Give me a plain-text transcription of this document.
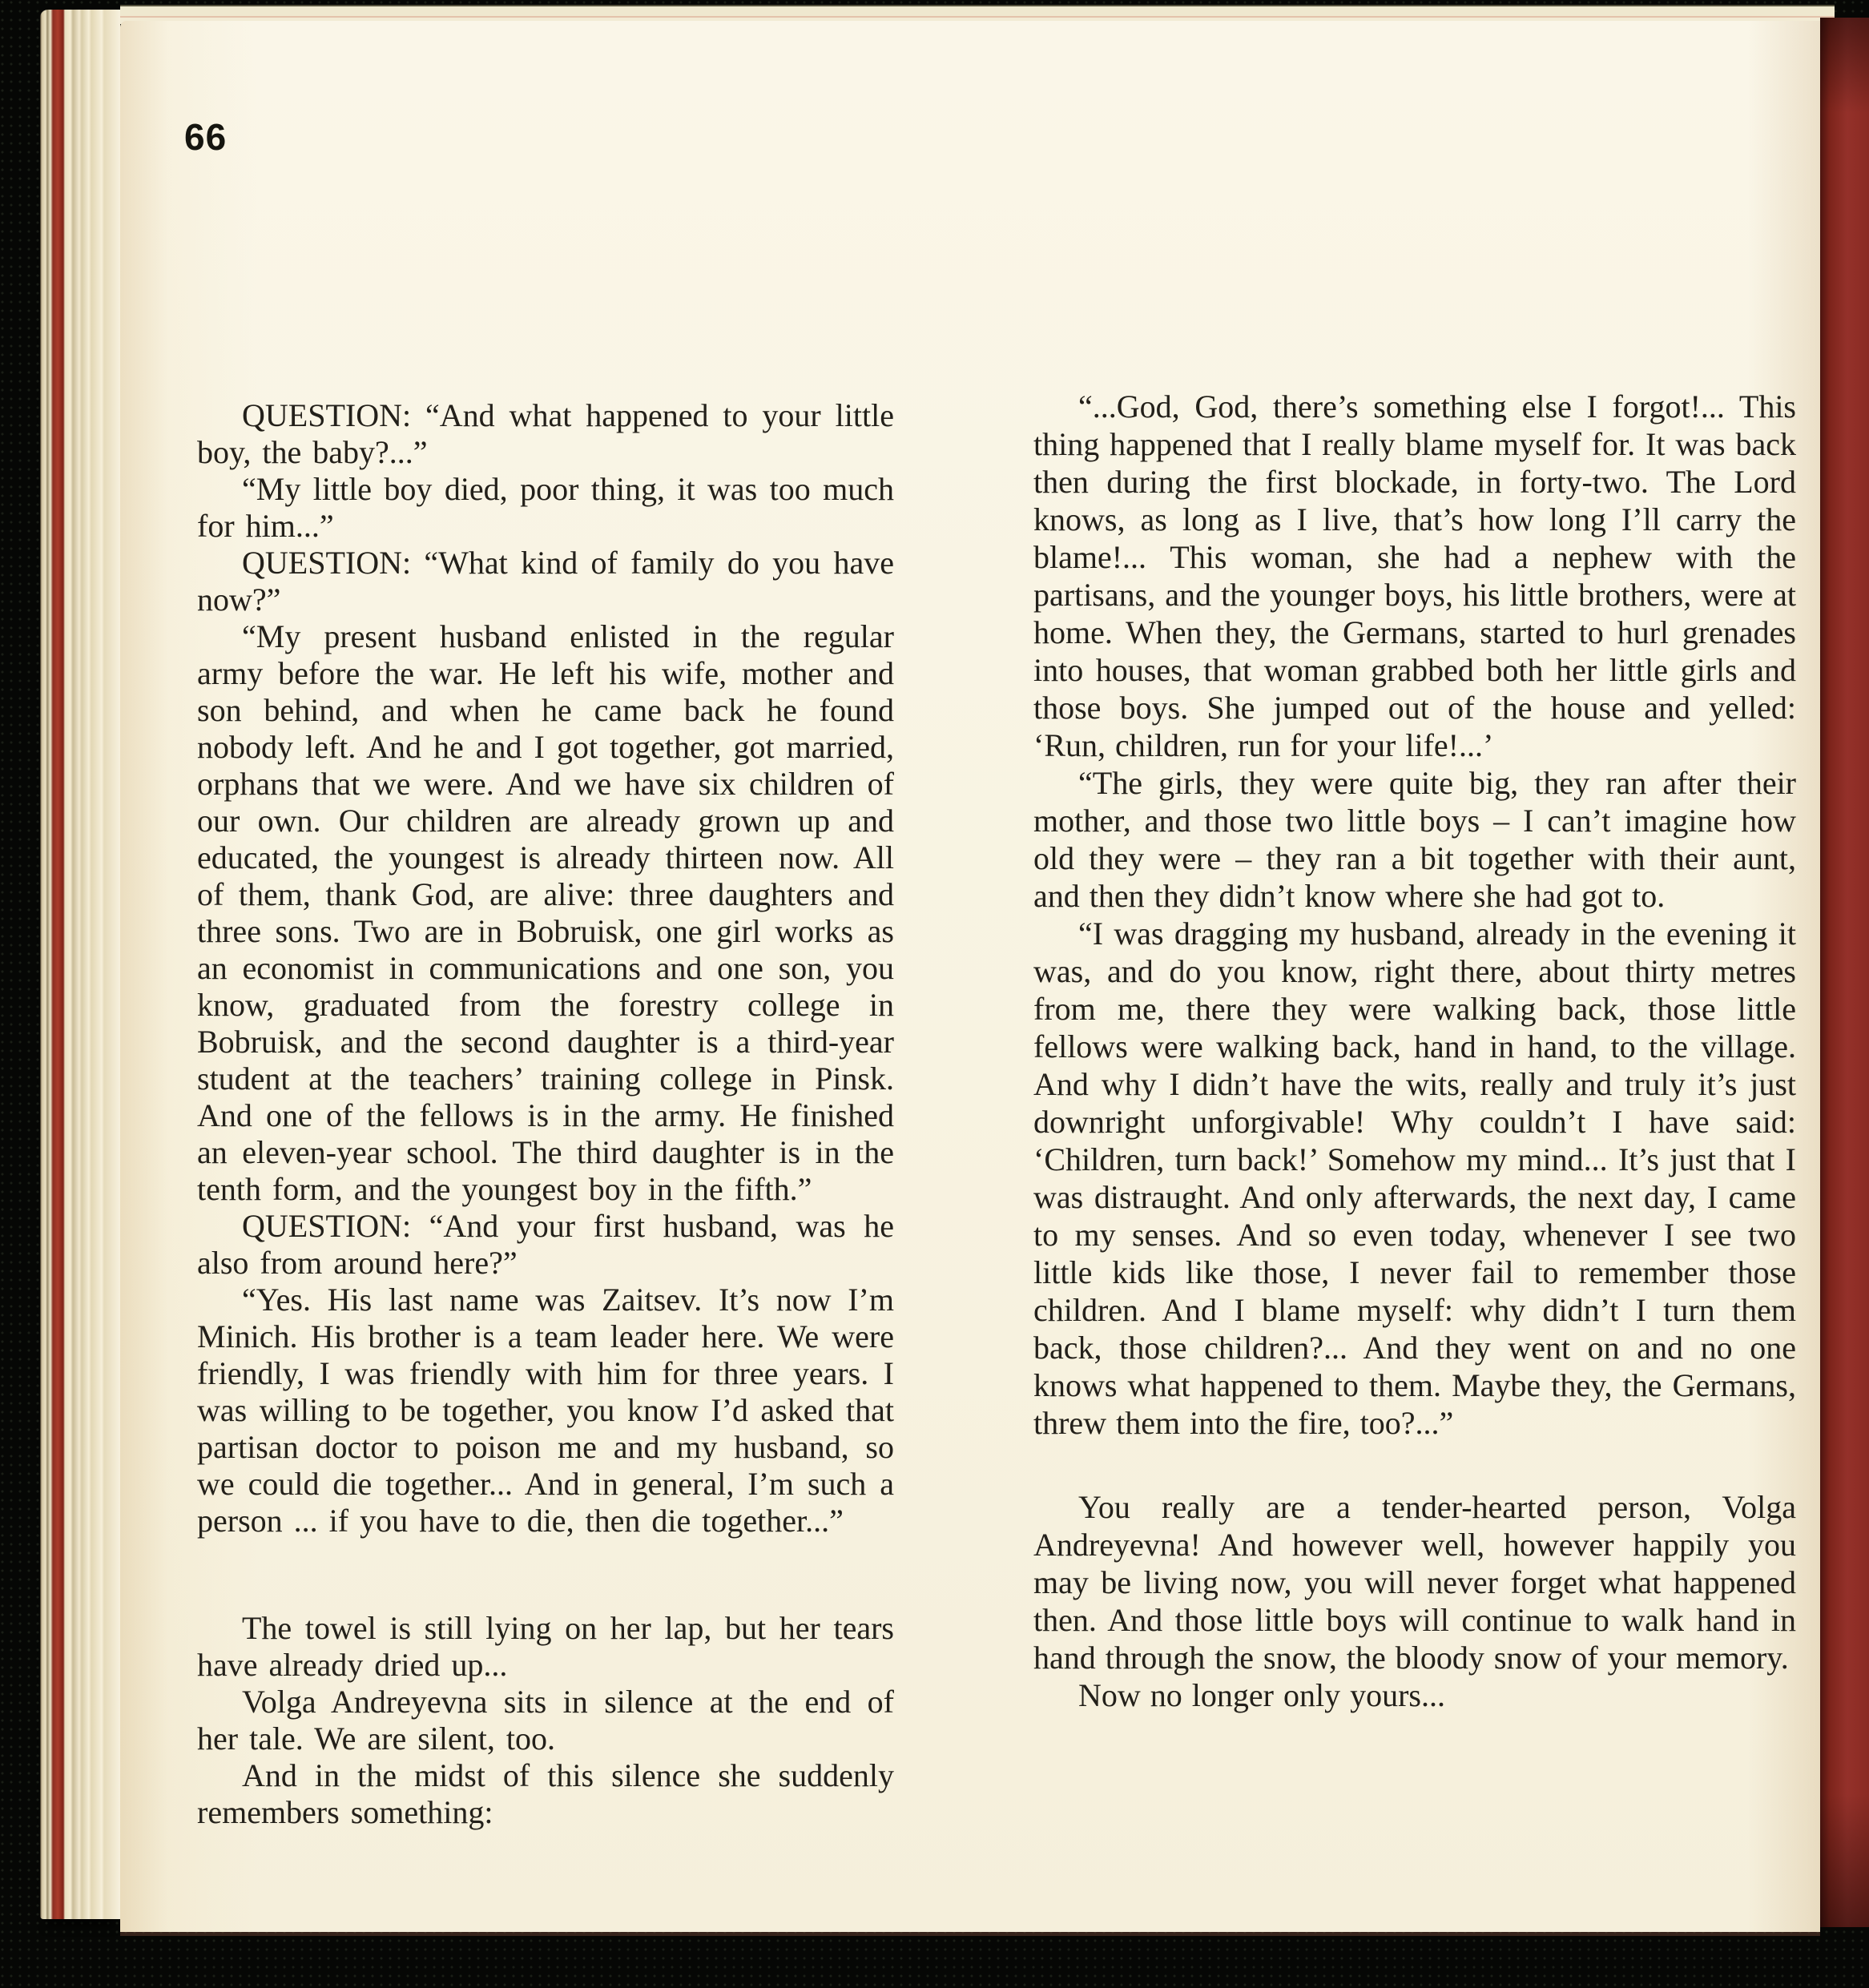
66

QUESTION: “And what happened to your little boy, the baby?...”

“My little boy died, poor thing, it was too much for him...”

QUESTION: “What kind of family do you have now?”

“My present husband enlisted in the regular army before the war. He left his wife, mother and son behind, and when he came back he found nobody left. And he and I got together, got married, orphans that we were. And we have six children of our own. Our children are already grown up and educated, the youngest is already thirteen now. All of them, thank God, are alive: three daughters and three sons. Two are in Bobruisk, one girl works as an economist in communications and one son, you know, graduated from the forestry college in Bobruisk, and the second daughter is a third-year student at the teachers’ training college in Pinsk. And one of the fellows is in the army. He finished an eleven-year school. The third daughter is in the tenth form, and the youngest boy in the fifth.”

QUESTION: “And your first husband, was he also from around here?”

“Yes. His last name was Zaitsev. It’s now I’m Minich. His brother is a team leader here. We were friendly, I was friendly with him for three years. I was willing to be together, you know I’d asked that partisan doctor to poison me and my husband, so we could die together... And in general, I’m such a person ... if you have to die, then die together...”

The towel is still lying on her lap, but her tears have already dried up...

Volga Andreyevna sits in silence at the end of her tale. We are silent, too.

And in the midst of this silence she suddenly remembers something:

“...God, God, there’s something else I forgot!... This thing happened that I really blame myself for. It was back then during the first blockade, in forty-two. The Lord knows, as long as I live, that’s how long I’ll carry the blame!... This woman, she had a nephew with the partisans, and the younger boys, his little brothers, were at home. When they, the Germans, started to hurl grenades into houses, that woman grabbed both her little girls and those boys. She jumped out of the house and yelled: ‘Run, children, run for your life!...’

“The girls, they were quite big, they ran after their mother, and those two little boys – I can’t imagine how old they were – they ran a bit together with their aunt, and then they didn’t know where she had got to.

“I was dragging my husband, already in the evening it was, and do you know, right there, about thirty metres from me, there they were walking back, those little fellows were walking back, hand in hand, to the village. And why I didn’t have the wits, really and truly it’s just downright unforgivable! Why couldn’t I have said: ‘Children, turn back!’ Somehow my mind... It’s just that I was distraught. And only afterwards, the next day, I came to my senses. And so even today, whenever I see two little kids like those, I never fail to remember those children. And I blame myself: why didn’t I turn them back, those children?... And they went on and no one knows what happened to them. Maybe they, the Germans, threw them into the fire, too?...”

You really are a tender-hearted person, Volga Andreyevna! And however well, however happily you may be living now, you will never forget what happened then. And those little boys will continue to walk hand in hand through the snow, the bloody snow of your memory.

Now no longer only yours...
